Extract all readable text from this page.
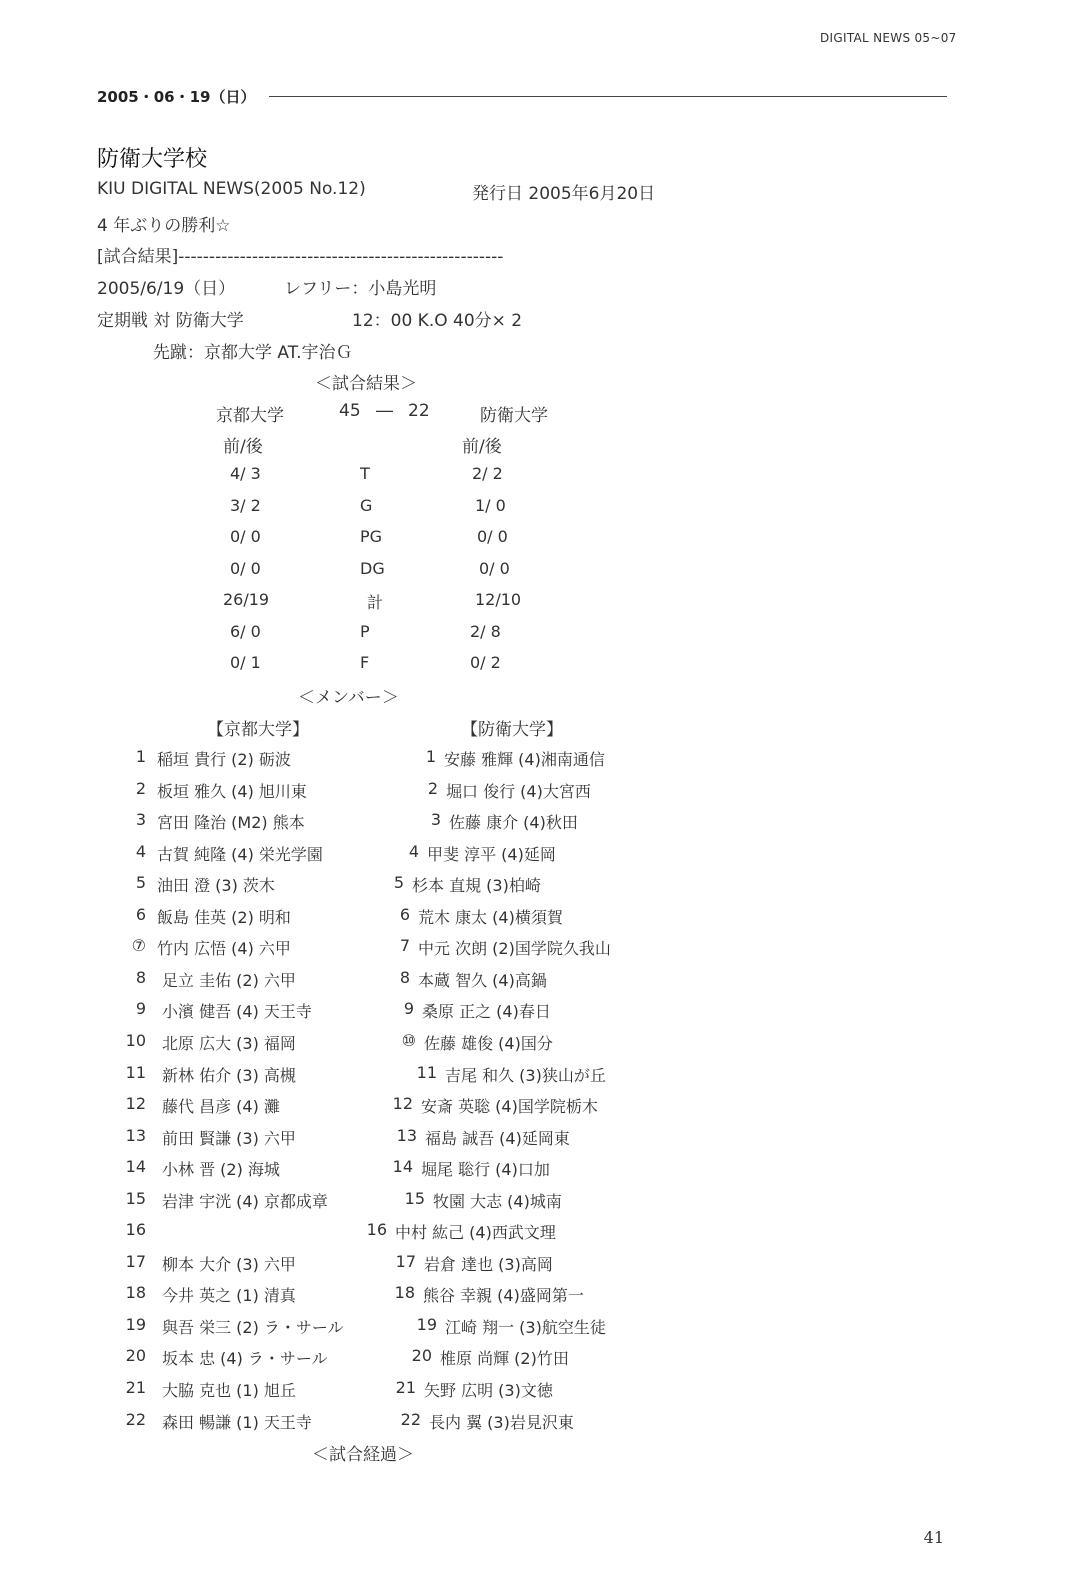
DIGITAL NEWS 05~07
2005・06・19（日）
防衛大学校
KIU DIGITAL NEWS(2005 No.12)	発行日 2005年6月20日
4 年ぶりの勝利☆
[試合結果]-----------------------------------------------------
2005/6/19（日）	レフリー：小島光明
定期戦 対 防衛大学	12：00 K.O 40分× 2
先蹴：京都大学 AT.宇治Ｇ
＜試合結果＞
京都大学	45 ― 22	防衛大学
前/後	前/後
4/ 3	T	2/ 2
3/ 2	G	1/ 0
0/ 0	PG	0/ 0
0/ 0	DG	0/ 0
26/19	計	12/10
6/ 0	P	2/ 8
0/ 1	F	0/ 2
＜メンバー＞
【京都大学】	【防衛大学】
1 稲垣 貴行 (2) 砺波	1 安藤 雅輝 (4)湘南通信
2 板垣 雅久 (4) 旭川東	2 堀口 俊行 (4)大宮西
3 宮田 隆治 (M2) 熊本	3 佐藤 康介 (4)秋田
4 古賀 純隆 (4) 栄光学園	4 甲斐 淳平 (4)延岡
5 油田 澄 (3) 茨木	5 杉本 直規 (3)柏崎
6 飯島 佳英 (2) 明和	6 荒木 康太 (4)横須賀
⑦ 竹内 広悟 (4) 六甲	7 中元 次朗 (2)国学院久我山
8 足立 圭佑 (2) 六甲	8 本蔵 智久 (4)高鍋
9 小濱 健吾 (4) 天王寺	9 桑原 正之 (4)春日
10 北原 広大 (3) 福岡	⑩ 佐藤 雄俊 (4)国分
11 新林 佑介 (3) 高槻	11 吉尾 和久 (3)狭山が丘
12 藤代 昌彦 (4) 灘	12 安斎 英聡 (4)国学院栃木
13 前田 賢謙 (3) 六甲	13 福島 誠吾 (4)延岡東
14 小林 晋 (2) 海城	14 堀尾 聡行 (4)口加
15 岩津 宇洸 (4) 京都成章	15 牧園 大志 (4)城南
16	16 中村 紘己 (4)西武文理
17 柳本 大介 (3) 六甲	17 岩倉 達也 (3)高岡
18 今井 英之 (1) 清真	18 熊谷 幸親 (4)盛岡第一
19 與吾 栄三 (2) ラ・サール	19 江崎 翔一 (3)航空生徒
20 坂本 忠 (4) ラ・サール	20 椎原 尚輝 (2)竹田
21 大脇 克也 (1) 旭丘	21 矢野 広明 (3)文徳
22 森田 暢謙 (1) 天王寺	22 長内 翼 (3)岩見沢東
＜試合経過＞
41
